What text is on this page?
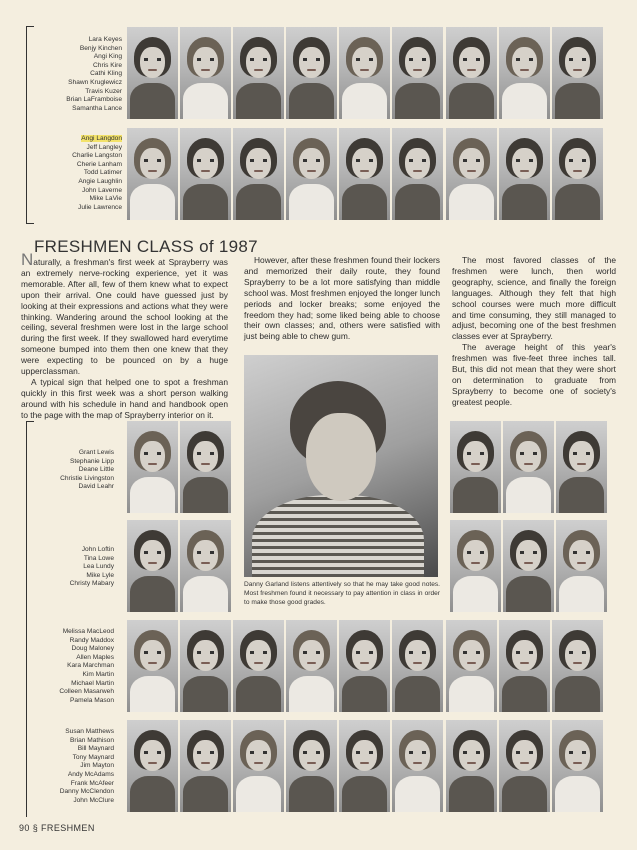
Lara Keyes
Benjy Kinchen
Angi King
Chris Kire
Cathi Kling
Shawn Kruglewicz
Travis Kuzer
Brian LaFramboise
Samantha Lance
Angi Langdon
Jeff Langley
Charlie Langston
Cherie Lanham
Todd Latimer
Angie Laughlin
John Laverne
Mike LaVie
Julie Lawrence
FRESHMEN CLASS of 1987

Naturally, a freshman's first week at Sprayberry was an extremely nerve-rocking experience, yet it was memorable. After all, few of them knew what to expect upon their arrival. One could have guessed just by looking at their expressions and actions what they were thinking. Wandering around the school looking at the ceiling, several freshmen were lost in the large school during the first week. If they swallowed hard everytime someone bumped into them then one knew that they were expecting to be pounced on by a huge upperclassman.

A typical sign that helped one to spot a freshman quickly in this first week was a short person walking around with his schedule in hand and handbook open to the page with the map of Sprayberry interior on it.

However, after these freshmen found their lockers and memorized their daily route, they found Sprayberry to be a lot more satisfying than middle school was. Most freshmen enjoyed the longer lunch periods and locker breaks; some enjoyed the freedom they had; some liked being able to choose their own classes; and, others were satisfied with just being able to chew gum.

The most favored classes of the freshmen were lunch, then world geography, science, and finally the foreign languages. Although they felt that high school courses were much more difficult and time consuming, they still managed to adjust, becoming one of the best freshmen classes ever at Sprayberry.

The average height of this year's freshmen was five-feet three inches tall. But, this did not mean that they were short on determination to graduate from Sprayberry to become one of society's greatest people.

Grant Lewis
Stephanie Lipp
Deane Little
Christie Livingston
David Leahr
John Loftin
Tina Lowe
Lea Lundy
Mike Lyle
Christy Mabary
Melissa MacLeod
Randy Maddox
Doug Maloney
Allen Maples
Kara Marchman
Kim Martin
Michael Martin
Colleen Masarweh
Pamela Mason
Susan Matthews
Brian Mathison
Bill Maynard
Tony Maynard
Jim Mayton
Andy McAdams
Frank McAfeer
Danny McClendon
John McClure
Danny Garland listens attentively so that he may take good notes. Most freshmen found it necessary to pay attention in class in order to make those good grades.
90 § FRESHMEN
